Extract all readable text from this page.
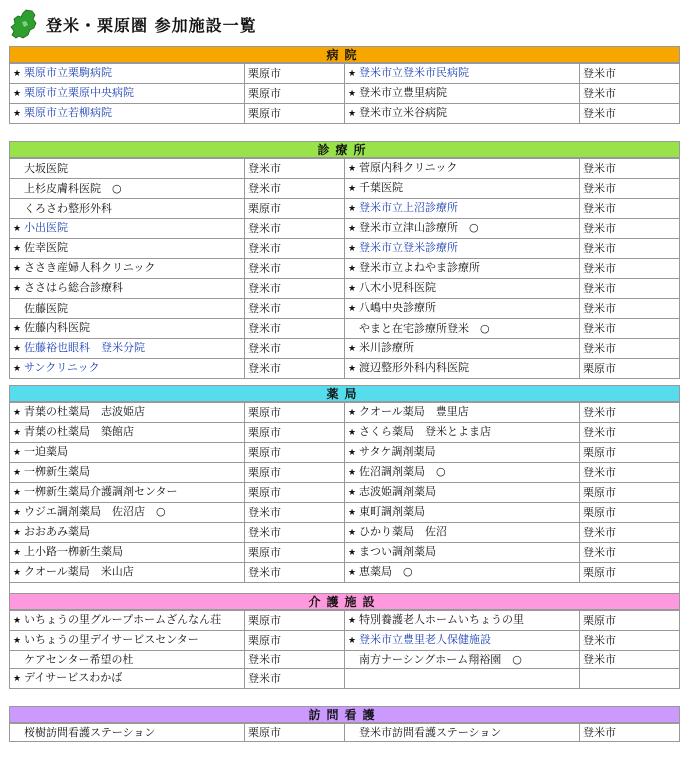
登米・栗原圏 参加施設一覧
病院
★ 栗原市立栗駒病院	栗原市	★ 登米市立登米市民病院	登米市
★ 栗原市立栗原中央病院	栗原市	★ 登米市立豊里病院	登米市
★ 栗原市立若柳病院	栗原市	★ 登米市立米谷病院	登米市
診療所
大坂医院	登米市	★ 菅原内科クリニック	登米市
上杉皮膚科医院　○	登米市	★ 千葉医院	登米市
くろさわ整形外科	栗原市	★ 登米市立上沼診療所	登米市
★ 小出医院	登米市	★ 登米市立津山診療所　○	登米市
★ 佐幸医院	登米市	★ 登米市立登米診療所	登米市
★ ささき産婦人科クリニック	登米市	★ 登米市立よねやま診療所	登米市
★ ささはら総合診療科	登米市	★ 八木小児科医院	登米市
佐藤医院	登米市	★ 八嶋中央診療所	登米市
★ 佐藤内科医院	登米市	やまと在宅診療所登米　○	登米市
★ 佐藤裕也眼科　登米分院	登米市	★ 米川診療所	登米市
★ サンクリニック	登米市	★ 渡辺整形外科内科医院	栗原市
薬局
★ 青葉の杜薬局　志波姫店	栗原市	★ クオール薬局　豊里店	登米市
★ 青葉の杜薬局　築館店	栗原市	★ さくら薬局　登米とよま店	登米市
★ 一迫薬局	栗原市	★ サタケ調剤薬局	栗原市
★ 一栁新生薬局	栗原市	★ 佐沼調剤薬局　○	登米市
★ 一栁新生薬局介護調剤センター	栗原市	★ 志波姫調剤薬局	栗原市
★ ウジエ調剤薬局　佐沼店　○	登米市	★ 東町調剤薬局	栗原市
★ おおあみ薬局	登米市	★ ひかり薬局　佐沼	登米市
★ 上小路一栁新生薬局	栗原市	★ まつい調剤薬局	登米市
★ クオール薬局　米山店	登米市	★ 恵薬局　○	栗原市

介護施設
★ いちょうの里グループホームざんなん荘	栗原市	★ 特別養護老人ホームいちょうの里	栗原市
★ いちょうの里デイサービスセンター	栗原市	★ 登米市立豊里老人保健施設	登米市
ケアセンター希望の杜	登米市	南方ナーシングホーム翔裕園　○	登米市
★ デイサービスわかば	登米市		
訪問看護
桜樹訪問看護ステーション	栗原市	登米市訪問看護ステーション	登米市
